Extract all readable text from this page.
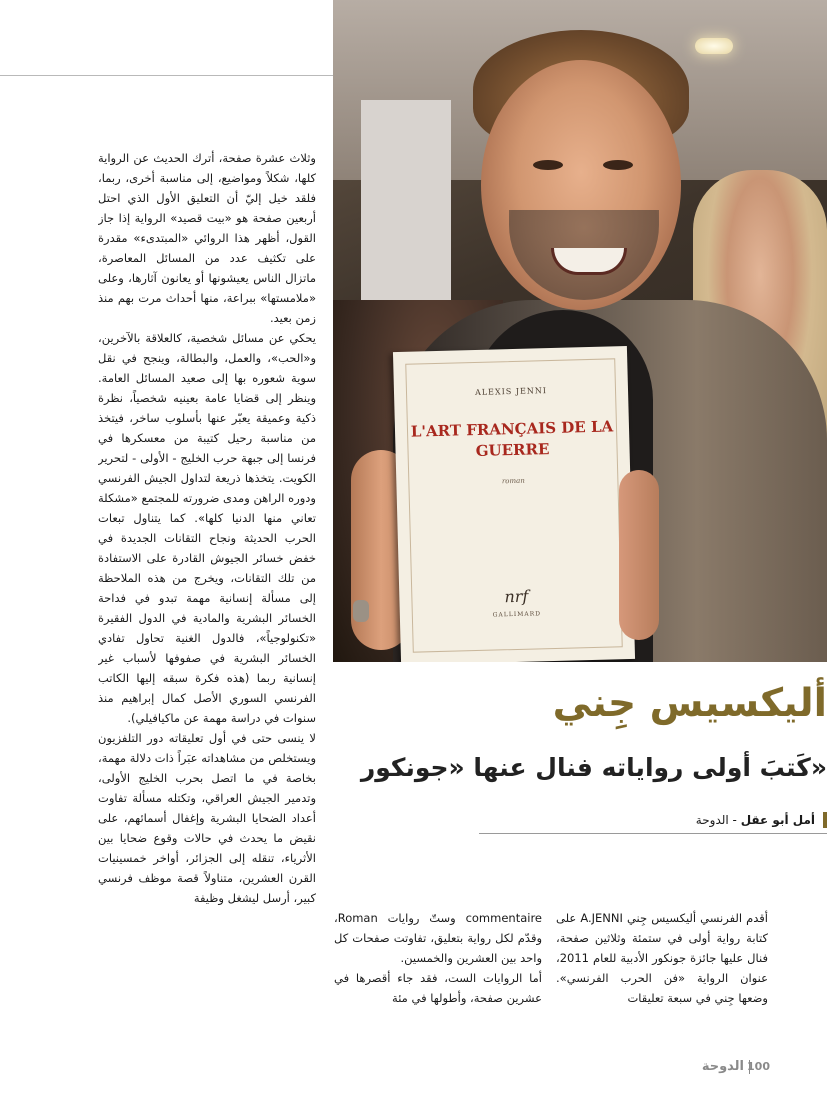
ALEXIS JENNI
L'ART FRANÇAIS DE LA GUERRE
roman
nrf
GALLIMARD
أليكسيس جِني
كَتبَ أولى رواياته فنال عنها «جونكور»
أمل أبو عقل - الدوحة

أقدم الفرنسي أليكسيس جِني A.JENNI على كتابة رواية أولى في ستمئة وثلاثين صفحة، فنال عليها جائزة جونكور الأدبية للعام 2011، عنوان الرواية «فن الحرب الفرنسي». وضعها جِني في سبعة تعليقات

commentaire وستّ روايات Roman، وقدّم لكل رواية بتعليق، تفاوتت صفحات كل واحد بين العشرين والخمسين.
أما الروايات الست، فقد جاء أقصرها في عشرين صفحة، وأطولها في مئة

وثلاث عشرة صفحة، أترك الحديث عن الرواية كلها، شكلاً ومواضيع، إلى مناسبة أخرى، ربما، فلقد خيل إليّ أن التعليق الأول الذي احتل أربعين صفحة هو «بيت قصيد» الرواية إذا جاز القول، أظهر هذا الروائي «المبتدىء» مقدرة على تكثيف عدد من المسائل المعاصرة، ماتزال الناس يعيشونها أو يعانون آثارها، وعلى «ملامستها» ببراعة، منها أحداث مرت بهم منذ زمن بعيد.

يحكي عن مسائل شخصية، كالعلاقة بالآخرين، و«الحب»، والعمل، والبطالة، وينجح في نقل سوية شعوره بها إلى صعيد المسائل العامة. وينظر إلى قضايا عامة بعينيه شخصياً، نظرة ذكية وعميقة يعبّر عنها بأسلوب ساخر، فيتخذ من مناسبة رحيل كتيبة من معسكرها في فرنسا إلى جبهة حرب الخليج - الأولى - لتحرير الكويت. يتخذها ذريعة لتداول الجيش الفرنسي ودوره الراهن ومدى ضرورته للمجتمع «مشكلة تعاني منها الدنيا كلها». كما يتناول تبعات الحرب الحديثة ونجاح التقانات الجديدة في خفض خسائر الجيوش القادرة على الاستفادة من تلك التقانات، ويخرج من هذه الملاحظة إلى مسألة إنسانية مهمة تبدو في فداحة الخسائر البشرية والمادية في الدول الفقيرة «تكنولوجياً»، فالدول الغنية تحاول تفادي الخسائر البشرية في صفوفها لأسباب غير إنسانية ربما (هذه فكرة سبقه إليها الكاتب الفرنسي السوري الأصل كمال إبراهيم منذ سنوات في دراسة مهمة عن ماكيافيلي).

لا ينسى حتى في أول تعليقاته دور التلفزيون ويستخلص من مشاهداته عبَراً ذات دلالة مهمة، بخاصة في ما اتصل بحرب الخليج الأولى، وتدمير الجيش العراقي، وتكتله مسألة تفاوت أعداد الضحايا البشرية وإغفال أسمائهم، على نقيض ما يحدث في حالات وقوع ضحايا بين الأثرياء، تنقله إلى الجزائر، أواخر خمسينيات القرن العشرين، متناولاً قصة موظف فرنسي كبير، أرسل ليشغل وظيفة

الدوحة 100
